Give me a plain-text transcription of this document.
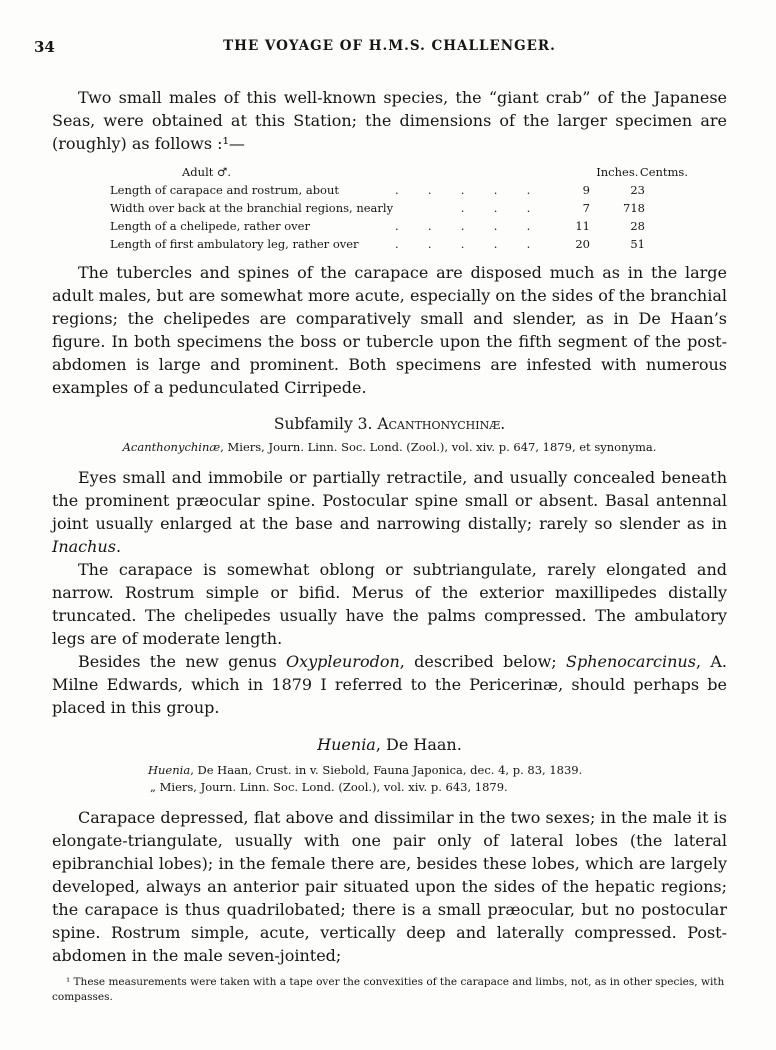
34	THE VOYAGE OF H.M.S. CHALLENGER.

Two small males of this well-known species, the “giant crab” of the Japanese Seas, were obtained at this Station; the dimensions of the larger specimen are (roughly) as follows :¹—

Adult ♂.	Inches. Centms.
Length of carapace and rostrum, about	.        .        .        .        .	9	23
Width over back at the branchial regions, nearly .        .        .	7	718
Length of a chelipede, rather over	.        .        .        .        .	11	28
Length of first ambulatory leg, rather over	.        .        .        .        .	20	51

The tubercles and spines of the carapace are disposed much as in the large adult males, but are somewhat more acute, especially on the sides of the branchial regions; the chelipedes are comparatively small and slender, as in De Haan’s figure. In both specimens the boss or tubercle upon the fifth segment of the post-abdomen is large and prominent. Both specimens are infested with numerous examples of a pedunculated Cirripede.

Subfamily 3. Acanthonychinæ.
Acanthonychinæ, Miers, Journ. Linn. Soc. Lond. (Zool.), vol. xiv. p. 647, 1879, et synonyma.

Eyes small and immobile or partially retractile, and usually concealed beneath the prominent præocular spine. Postocular spine small or absent. Basal antennal joint usually enlarged at the base and narrowing distally; rarely so slender as in Inachus.

The carapace is somewhat oblong or subtriangulate, rarely elongated and narrow. Rostrum simple or bifid. Merus of the exterior maxillipedes distally truncated. The chelipedes usually have the palms compressed. The ambulatory legs are of moderate length.

Besides the new genus Oxypleurodon, described below; Sphenocarcinus, A. Milne Edwards, which in 1879 I referred to the Pericerinæ, should perhaps be placed in this group.

Huenia, De Haan.
Huenia, De Haan, Crust. in v. Siebold, Fauna Japonica, dec. 4, p. 83, 1839.
„ Miers, Journ. Linn. Soc. Lond. (Zool.), vol. xiv. p. 643, 1879.

Carapace depressed, flat above and dissimilar in the two sexes; in the male it is elongate-triangulate, usually with one pair only of lateral lobes (the lateral epibranchial lobes); in the female there are, besides these lobes, which are largely developed, always an anterior pair situated upon the sides of the hepatic regions; the carapace is thus quadrilobated; there is a small præocular, but no postocular spine. Rostrum simple, acute, vertically deep and laterally compressed. Post-abdomen in the male seven-jointed;

¹ These measurements were taken with a tape over the convexities of the carapace and limbs, not, as in other species, with compasses.
